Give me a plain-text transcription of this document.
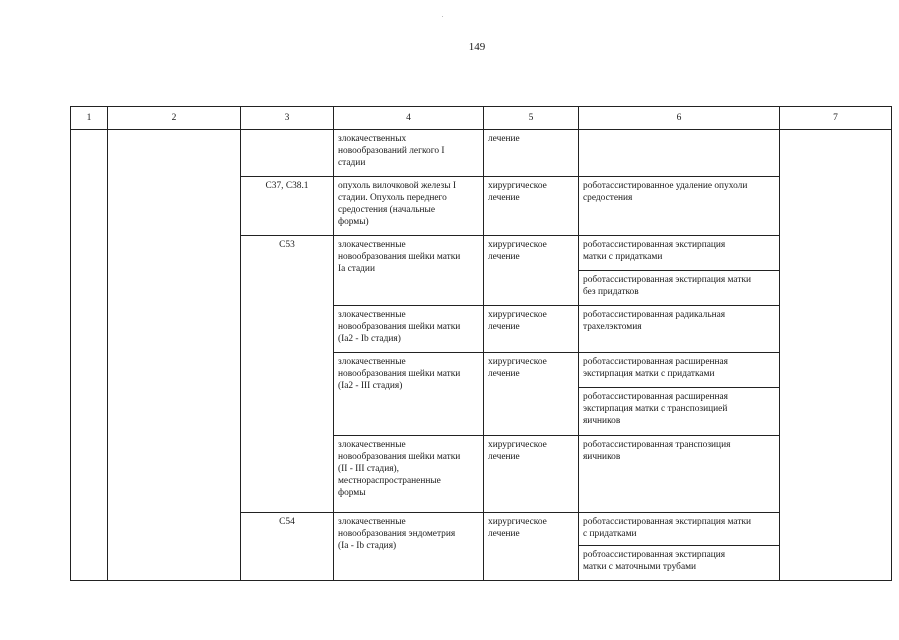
149
1	2	3	4	5	6	7

			злокачественных
новообразований легкого I
стадии	лечение		

		C37, C38.1	опухоль вилочковой железы I
стадии. Опухоль переднего
средостения (начальные
формы)	хирургическое
лечение	роботассистированное удаление опухоли
средостения	

		C53	злокачественные
новообразования шейки матки
Ia стадии	хирургическое
лечение	роботассистированная экстирпация
матки с придатками	

					роботассистированная экстирпация матки
без придатков	

			злокачественные
новообразования шейки матки
(Ia2 - Ib стадия)	хирургическое
лечение	роботассистированная радикальная
трахелэктомия	

			злокачественные
новообразования шейки матки
(Ia2 - III стадия)	хирургическое
лечение	роботассистированная расширенная
экстирпация матки с придатками	

					роботассистированная расширенная
экстирпация матки с транспозицией
яичников	

			злокачественные
новообразования шейки матки
(II - III стадия),
местнораспространенные
формы	хирургическое
лечение	роботассистированная транспозиция
яичников	

		C54	злокачественные
новообразования эндометрия
(Ia - Ib стадия)	хирургическое
лечение	роботассистированная экстирпация матки
с придатками	

					робтоассистированная экстирпация
матки с маточными трубами	
